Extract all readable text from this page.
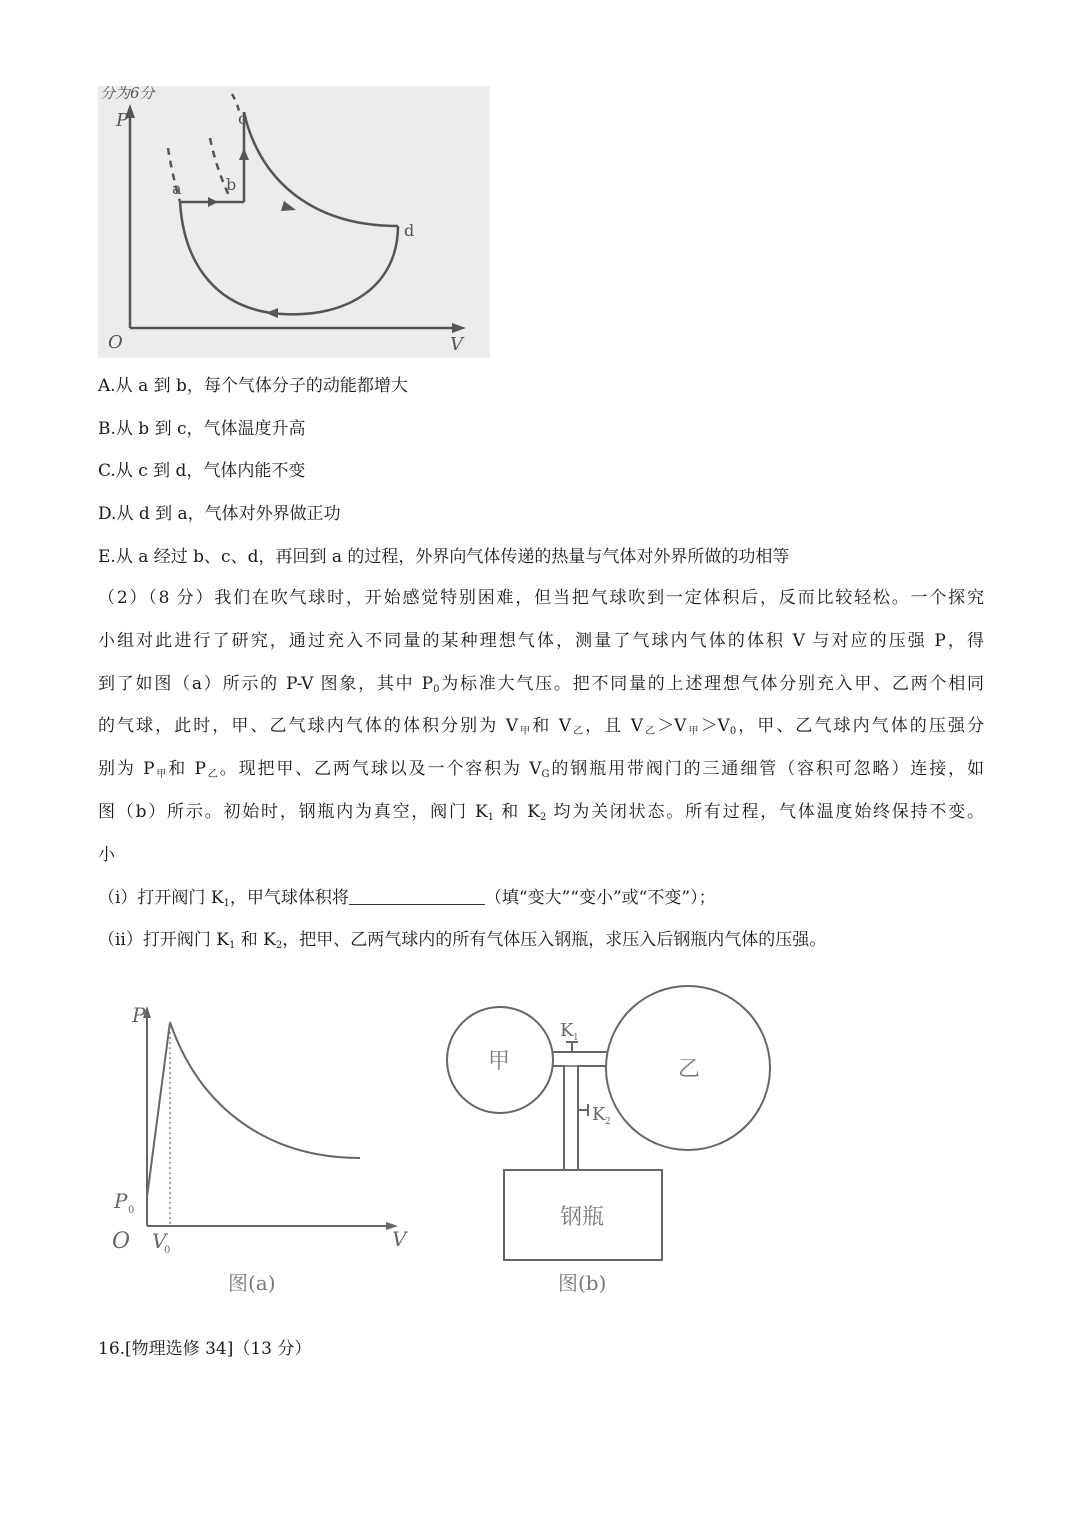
分为6分
P
V
O
a	b
c
d
A.从 a 到 b，每个气体分子的动能都增大
B.从 b 到 c，气体温度升高
C.从 c 到 d，气体内能不变
D.从 d 到 a，气体对外界做正功
E.从 a 经过 b、c、d，再回到 a 的过程，外界向气体传递的热量与气体对外界所做的功相等
（2）（8 分）我们在吹气球时，开始感觉特别困难，但当把气球吹到一定体积后，反而比较轻松。一个探究
小组对此进行了研究，通过充入不同量的某种理想气体，测量了气球内气体的体积 V 与对应的压强 P，得
到了如图（a）所示的 P-V 图象，其中 $P_0$为标准大气压。把不同量的上述理想气体分别充入甲、乙两个相同
的气球，此时，甲、乙气球内气体的体积分别为 $V_甲$和 $V_乙$，且 $V_乙>V_甲>V_0$，甲、乙气球内气体的压强分
别为 $P_甲$和 $P_乙$。现把甲、乙两气球以及一个容积为 $V_G$的钢瓶用带阀门的三通细管（容积可忽略）连接，如
图（b）所示。初始时，钢瓶内为真空，阀门 $K_1$ 和 $K_2$ 均为关闭状态。所有过程，气体温度始终保持不变。
小
（i）打开阀门 $K_1$，甲气球体积将	（填“变大”“变小”或“不变”）；
（ii）打开阀门 $K_1$ 和 $K_2$，把甲、乙两气球内的所有气体压入钢瓶，求压入后钢瓶内气体的压强。
P
V
O
P 0
V
0
图(a)
甲	乙
K 1
K 2
钢瓶
图(b)
16.[物理选修 34]（13 分）
